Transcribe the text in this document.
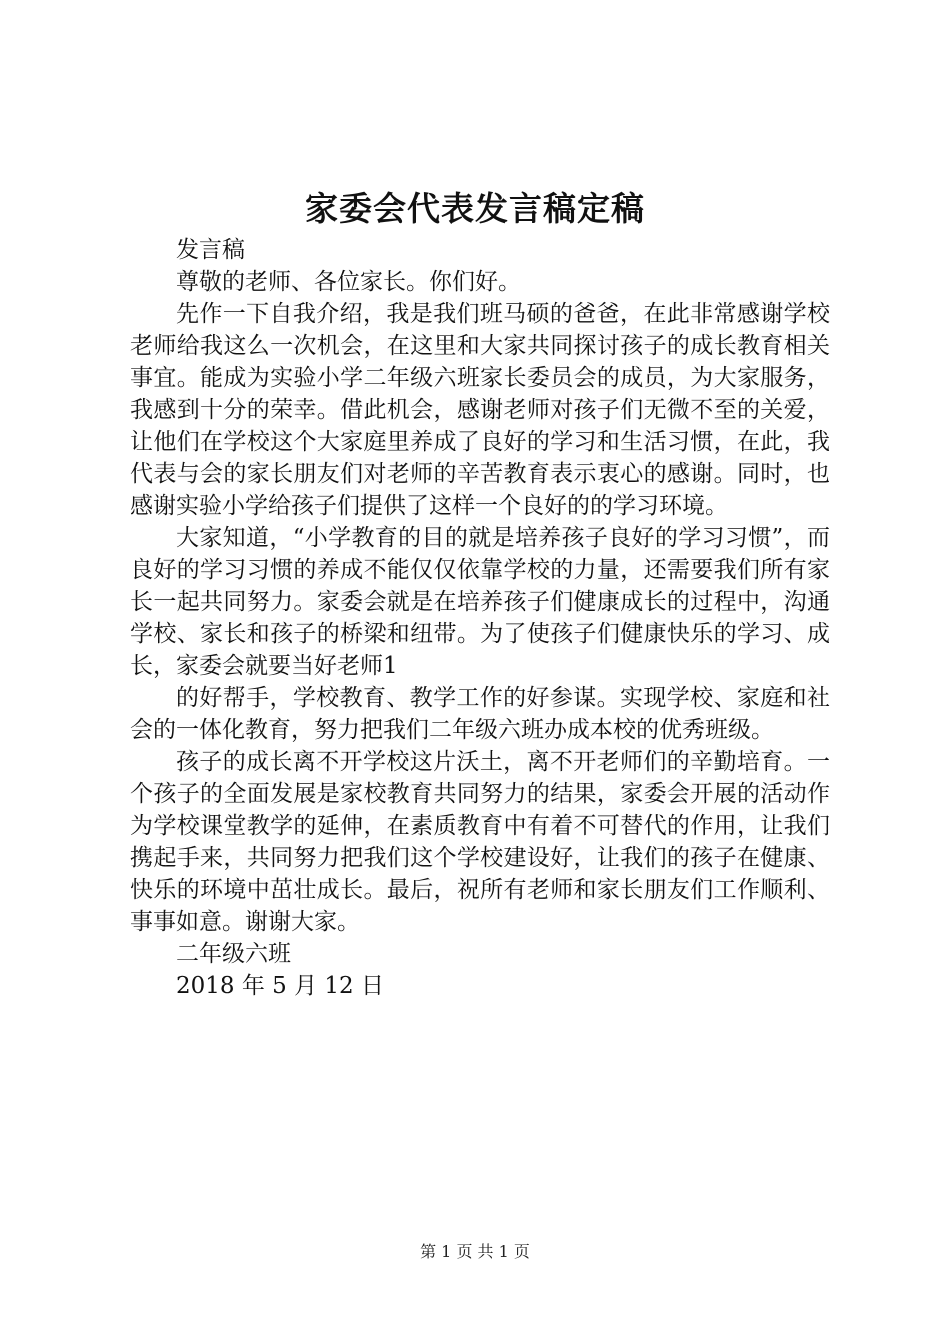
家委会代表发言稿定稿

发言稿

尊敬的老师、各位家长。你们好。

先作一下自我介绍，我是我们班马硕的爸爸，在此非常感谢学校老师给我这么一次机会，在这里和大家共同探讨孩子的成长教育相关事宜。能成为实验小学二年级六班家长委员会的成员，为大家服务，我感到十分的荣幸。借此机会，感谢老师对孩子们无微不至的关爱，让他们在学校这个大家庭里养成了良好的学习和生活习惯，在此，我代表与会的家长朋友们对老师的辛苦教育表示衷心的感谢。同时，也感谢实验小学给孩子们提供了这样一个良好的的学习环境。

大家知道，“小学教育的目的就是培养孩子良好的学习习惯”，而良好的学习习惯的养成不能仅仅依靠学校的力量，还需要我们所有家长一起共同努力。家委会就是在培养孩子们健康成长的过程中，沟通学校、家长和孩子的桥梁和纽带。为了使孩子们健康快乐的学习、成长，家委会就要当好老师1

的好帮手，学校教育、教学工作的好参谋。实现学校、家庭和社会的一体化教育，努力把我们二年级六班办成本校的优秀班级。

孩子的成长离不开学校这片沃土，离不开老师们的辛勤培育。一个孩子的全面发展是家校教育共同努力的结果，家委会开展的活动作为学校课堂教学的延伸，在素质教育中有着不可替代的作用，让我们携起手来，共同努力把我们这个学校建设好，让我们的孩子在健康、快乐的环境中茁壮成长。最后，祝所有老师和家长朋友们工作顺利、事事如意。谢谢大家。

二年级六班

2018 年 5 月 12 日

第 1 页 共 1 页
